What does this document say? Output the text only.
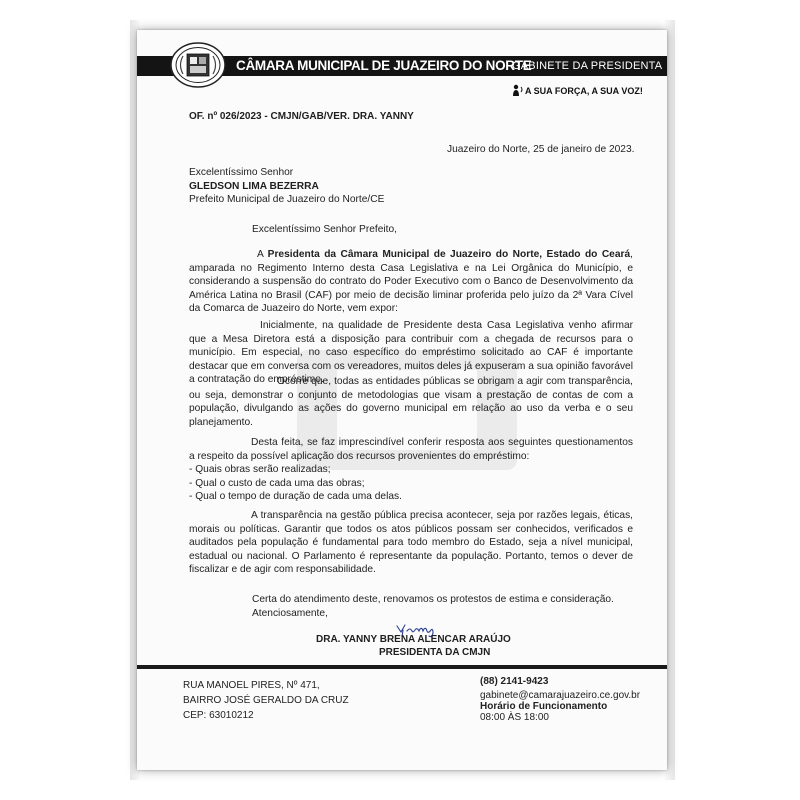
CÂMARA MUNICIPAL DE JUAZEIRO DO NORTE
GABINETE DA PRESIDENTA
A SUA FORÇA, A SUA VOZ!
OF. nº 026/2023 - CMJN/GAB/VER. DRA. YANNY
Juazeiro do Norte, 25 de janeiro de 2023.
Excelentíssimo Senhor
GLEDSON LIMA BEZERRA
Prefeito Municipal de Juazeiro do Norte/CE
Excelentíssimo Senhor Prefeito,
A Presidenta da Câmara Municipal de Juazeiro do Norte, Estado do Ceará, amparada no Regimento Interno desta Casa Legislativa e na Lei Orgânica do Município, e considerando a suspensão do contrato do Poder Executivo com o Banco de Desenvolvimento da América Latina no Brasil (CAF) por meio de decisão liminar proferida pelo juízo da 2ª Vara Cível da Comarca de Juazeiro do Norte, vem expor:
Inicialmente, na qualidade de Presidente desta Casa Legislativa venho afirmar que a Mesa Diretora está a disposição para contribuir com a chegada de recursos para o município. Em especial, no caso específico do empréstimo solicitado ao CAF é importante destacar que em conversa com os vereadores, muitos deles já expuseram a sua opinião favorável a contratação do empréstimo.
Ocorre que, todas as entidades públicas se obrigam a agir com transparência, ou seja, demonstrar o conjunto de metodologias que visam a prestação de contas de com a população, divulgando as ações do governo municipal em relação ao uso da verba e o seu planejamento.
Desta feita, se faz imprescindível conferir resposta aos seguintes questionamentos a respeito da possível aplicação dos recursos provenientes do empréstimo:
- Quais obras serão realizadas;
- Qual o custo de cada uma das obras;
- Qual o tempo de duração de cada uma delas.
A transparência na gestão pública precisa acontecer, seja por razões legais, éticas, morais ou políticas. Garantir que todos os atos públicos possam ser conhecidos, verificados e auditados pela população é fundamental para todo membro do Estado, seja a nível municipal, estadual ou nacional. O Parlamento é representante da população. Portanto, temos o dever de fiscalizar e de agir com responsabilidade.
Certa do atendimento deste, renovamos os protestos de estima e consideração.
Atenciosamente,
DRA. YANNY BRENA ALENCAR ARAÚJO
PRESIDENTA DA CMJN
RUA MANOEL PIRES, Nº 471,
BAIRRO JOSÉ GERALDO DA CRUZ
CEP: 63010212
(88) 2141-9423
gabinete@camarajuazeiro.ce.gov.br
Horário de Funcionamento
08:00 ÀS 18:00
